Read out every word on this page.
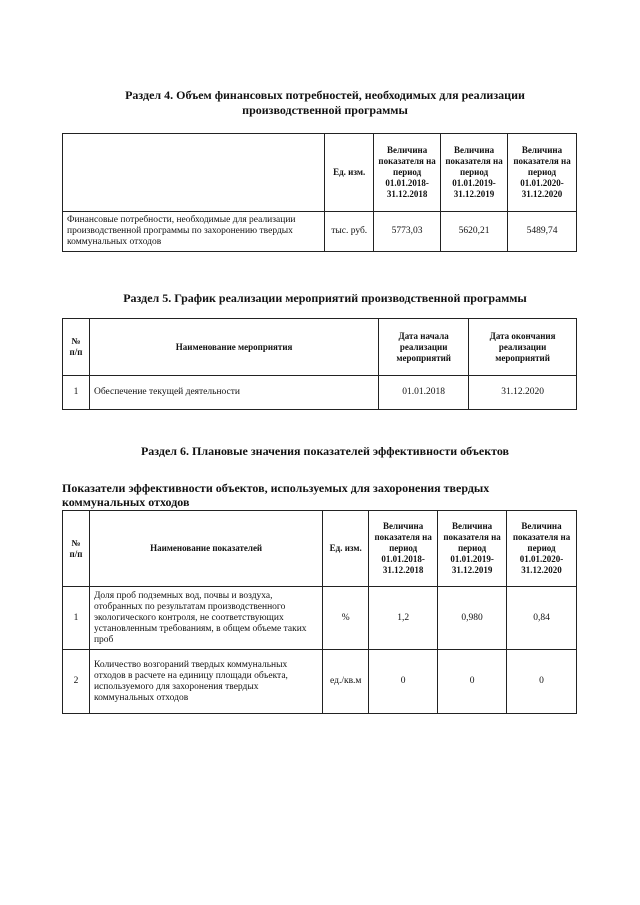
Раздел 4. Объем финансовых потребностей, необходимых для реализации
производственной программы
	Ед. изм.	Величина показателя на период 01.01.2018-31.12.2018	Величина показателя на период 01.01.2019-31.12.2019	Величина показателя на период 01.01.2020-31.12.2020
Финансовые потребности, необходимые для реализации производственной программы по захоронению твердых коммунальных отходов	тыс. руб.	5773,03	5620,21	5489,74
Раздел 5. График реализации мероприятий производственной программы
№ п/п	Наименование мероприятия	Дата начала реализации мероприятий	Дата окончания реализации мероприятий
1	Обеспечение текущей деятельности	01.01.2018	31.12.2020
Раздел 6. Плановые значения показателей эффективности объектов
Показатели эффективности объектов, используемых для захоронения твердых
коммунальных отходов
№ п/п	Наименование показателей	Ед. изм.	Величина показателя на период 01.01.2018-31.12.2018	Величина показателя на период 01.01.2019-31.12.2019	Величина показателя на период 01.01.2020-31.12.2020
1	Доля проб подземных вод, почвы и воздуха, отобранных по результатам производственного экологического контроля, не соответствующих установленным требованиям, в общем объеме таких проб	%	1,2	0,980	0,84
2	Количество возгораний твердых коммунальных отходов в расчете на единицу площади объекта, используемого для захоронения твердых коммунальных отходов	ед./кв.м	0	0	0
